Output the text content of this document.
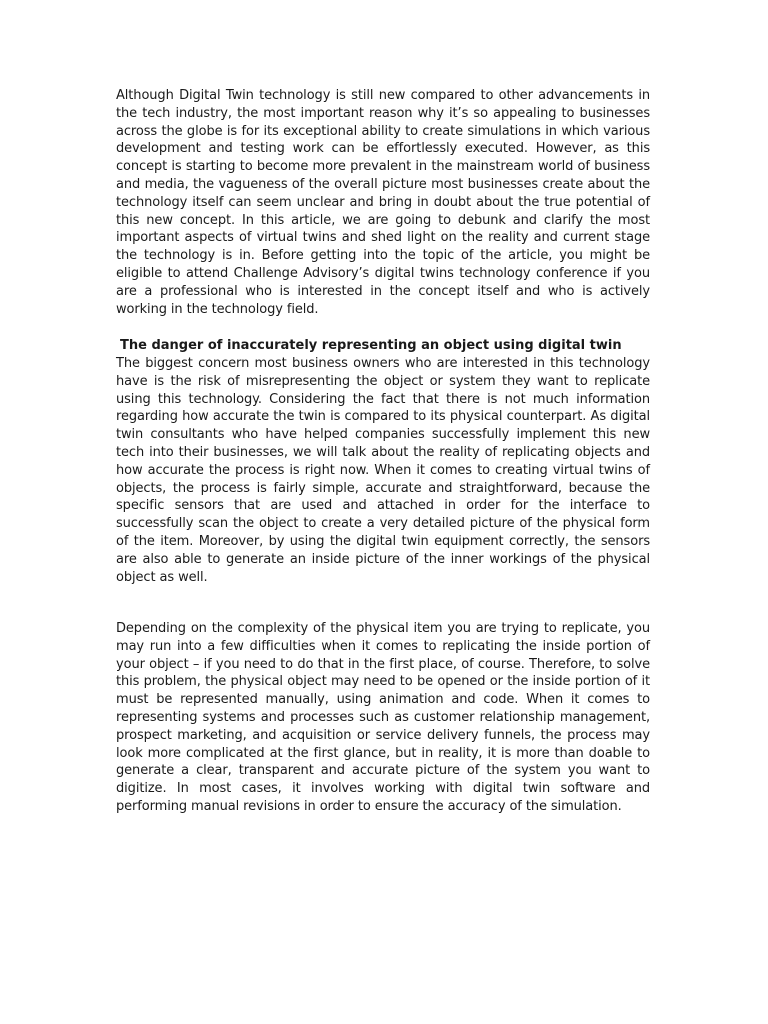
Although Digital Twin technology is still new compared to other advancements in the tech industry, the most important reason why it’s so appealing to businesses across the globe is for its exceptional ability to create simulations in which various development and testing work can be effortlessly executed. However, as this concept is starting to become more prevalent in the mainstream world of business and media, the vagueness of the overall picture most businesses create about the technology itself can seem unclear and bring in doubt about the true potential of this new concept. In this article, we are going to debunk and clarify the most important aspects of virtual twins and shed light on the reality and current stage the technology is in. Before getting into the topic of the article, you might be eligible to attend Challenge Advisory’s digital twins technology conference if you are a professional who is interested in the concept itself and who is actively working in the technology field.

The danger of inaccurately representing an object using digital twin

The biggest concern most business owners who are interested in this technology have is the risk of misrepresenting the object or system they want to replicate using this technology. Considering the fact that there is not much information regarding how accurate the twin is compared to its physical counterpart. As digital twin consultants who have helped companies successfully implement this new tech into their businesses, we will talk about the reality of replicating objects and how accurate the process is right now. When it comes to creating virtual twins of objects, the process is fairly simple, accurate and straightforward, because the specific sensors that are used and attached in order for the interface to successfully scan the object to create a very detailed picture of the physical form of the item. Moreover, by using the digital twin equipment correctly, the sensors are also able to generate an inside picture of the inner workings of the physical object as well.

Depending on the complexity of the physical item you are trying to replicate, you may run into a few difficulties when it comes to replicating the inside portion of your object – if you need to do that in the first place, of course. Therefore, to solve this problem, the physical object may need to be opened or the inside portion of it must be represented manually, using animation and code. When it comes to representing systems and processes such as customer relationship management, prospect marketing, and acquisition or service delivery funnels, the process may look more complicated at the first glance, but in reality, it is more than doable to generate a clear, transparent and accurate picture of the system you want to digitize. In most cases, it involves working with digital twin software and performing manual revisions in order to ensure the accuracy of the simulation.
